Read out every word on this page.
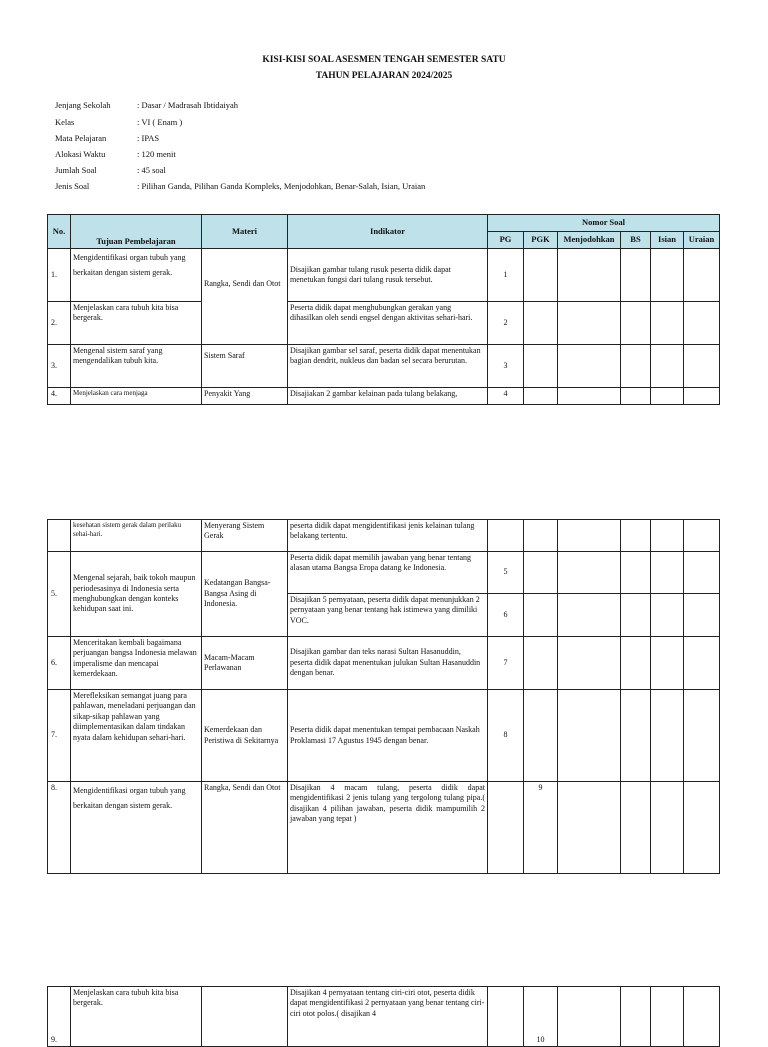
KISI-KISI SOAL ASESMEN TENGAH SEMESTER SATU
TAHUN PELAJARAN 2024/2025
Jenjang Sekolah	: Dasar / Madrasah Ibtidaiyah
Kelas	: VI ( Enam )
Mata Pelajaran	: IPAS
Alokasi Waktu	: 120 menit
Jumlah Soal	: 45 soal
Jenis Soal	: Pilihan Ganda, Pilihan Ganda Kompleks, Menjodohkan, Benar-Salah, Isian, Uraian
No.	Tujuan Pembelajaran	Materi	Indikator	Nomor Soal					
				PG	PGK	Menjodohkan	BS	Isian	Uraian
1.	Mengidentifikasi organ tubuh yang berkaitan dengan sistem gerak.	Rangka, Sendi dan Otot	Disajikan gambar tulang rusuk peserta didik dapat menetukan fungsi dari tulang rusuk tersebut.	1					
2.	Menjelaskan cara tubuh kita bisa bergerak.		Peserta didik dapat menghubungkan gerakan yang dihasilkan oleh sendi engsel dengan aktivitas sehari-hari.	2					
3.	Mengenal sistem saraf yang mengendalikan tubuh kita.	Sistem Saraf	Disajikan gambar sel saraf, peserta didik dapat menentukan bagian dendrit, nukleus dan badan sel secara berurutan.	3					
4.	Menjelaskan cara menjaga	Penyakit Yang	Disajiakan 2 gambar kelainan pada tulang belakang,	4					
	kesehatan sistem gerak dalam perilaku sehai-hari.	Menyerang Sistem Gerak	peserta didik dapat mengidentifikasi jenis kelainan tulang belakang tertentu.						
5.	Mengenal sejarah, baik tokoh maupun periodesasinya di Indonesia serta menghubungkan dengan konteks kehidupan saat ini.	Kedatangan Bangsa-Bangsa Asing di Indonesia.	Peserta didik dapat memilih jawaban yang benar tentang alasan utama Bangsa Eropa datang ke Indonesia.	5					
			Disajikan 5 pernyataan, peserta didik dapat menunjukkan 2 pernyataan yang benar tentang hak istimewa yang dimiliki VOC.	6					
6.	Menceritakan kembali bagaimana perjuangan bangsa Indonesia melawan imperalisme dan mencapai kemerdekaan.	Macam-Macam Perlawanan	Disajikan gambar dan teks narasi Sultan Hasanuddin, peserta didik dapat menentukan julukan Sultan Hasanuddin dengan benar.	7					
7.	Merefleksikan semangat juang para pahlawan, meneladani perjuangan dan sikap-sikap pahlawan yang diimplementasikan dalam tindakan nyata dalam kehidupan sehari-hari.	Kemerdekaan dan Peristiwa di Sekitarnya	Peserta didik dapat menentukan tempat pembacaan Naskah Proklamasi 17 Agustus 1945 dengan benar.	8					
8.	Mengidentifikasi organ tubuh yang berkaitan dengan sistem gerak.	Rangka, Sendi dan Otot	Disajikan 4 macam tulang, peserta didik dapat mengidentifikasi 2 jenis tulang yang tergolong tulang pipa.( disajikan 4 pilihan jawaban, peserta didik mampumilih 2 jawaban yang tepat )		9				
9.	Menjelaskan cara tubuh kita bisa bergerak.		Disajikan 4 pernyataan tentang ciri-ciri otot, peserta didik dapat mengidentifikasi 2 pernyataan yang benar tentang ciri-ciri otot polos.( disajikan 4		10				
